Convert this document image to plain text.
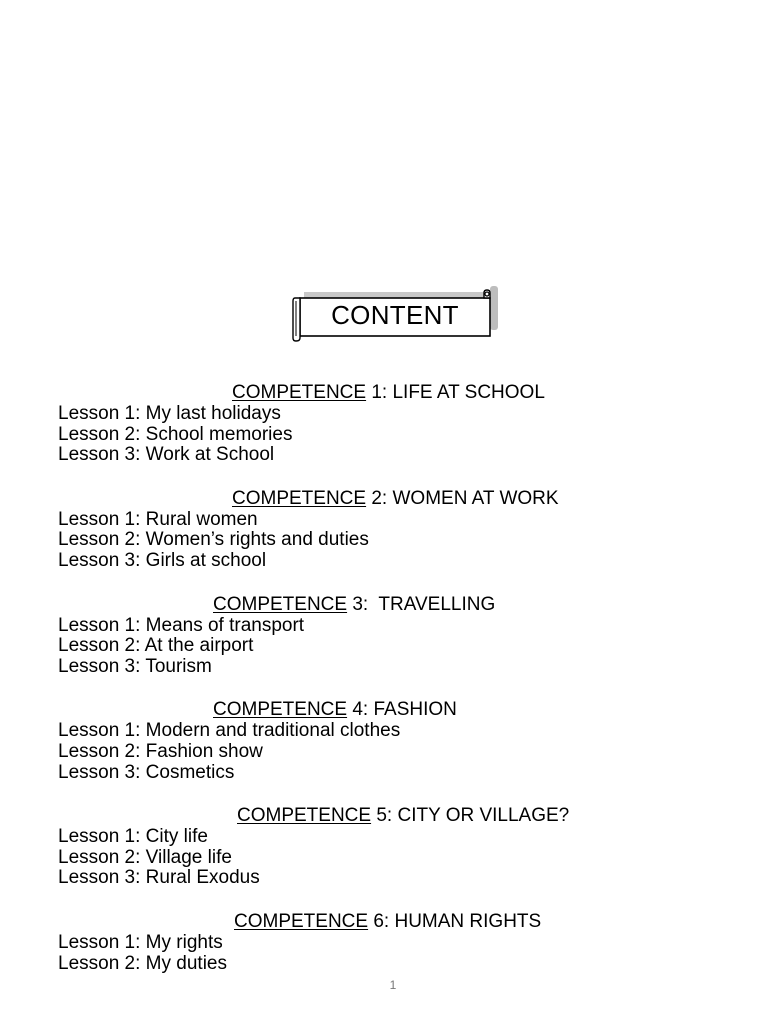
CONTENT
COMPETENCE 1: LIFE AT SCHOOL
Lesson 1: My last holidays
Lesson 2: School memories
Lesson 3: Work at School
COMPETENCE 2: WOMEN AT WORK
Lesson 1: Rural women
Lesson 2: Women’s rights and duties
Lesson 3: Girls at school
COMPETENCE 3:  TRAVELLING
Lesson 1: Means of transport
Lesson 2: At the airport
Lesson 3: Tourism
COMPETENCE 4: FASHION
Lesson 1: Modern and traditional clothes
Lesson 2: Fashion show
Lesson 3: Cosmetics
COMPETENCE 5: CITY OR VILLAGE?
Lesson 1: City life
Lesson 2: Village life
Lesson 3: Rural Exodus
COMPETENCE 6: HUMAN RIGHTS
Lesson 1: My rights
Lesson 2: My duties
1
